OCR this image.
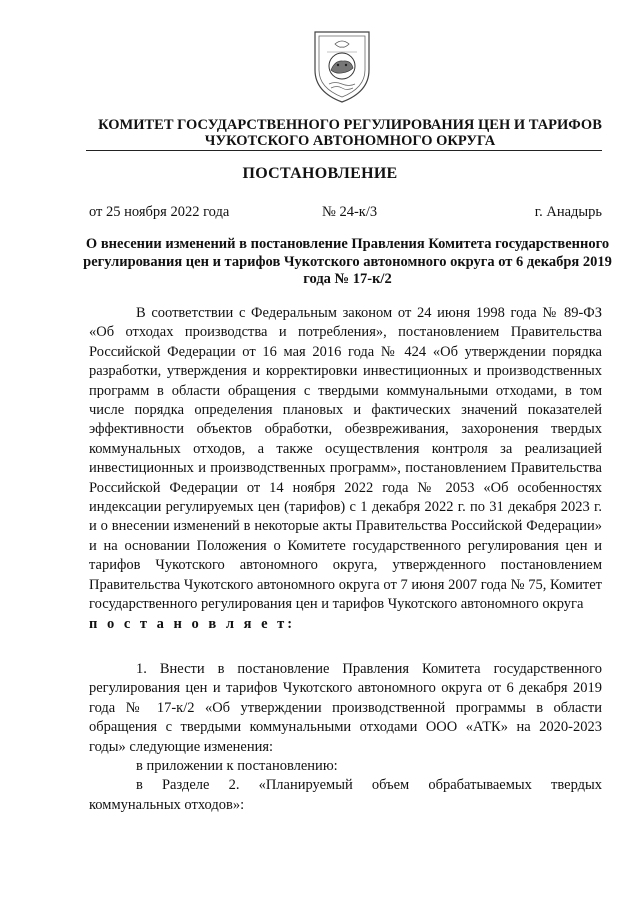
КОМИТЕТ ГОСУДАРСТВЕННОГО РЕГУЛИРОВАНИЯ ЦЕН И ТАРИФОВ
ЧУКОТСКОГО АВТОНОМНОГО ОКРУГА
ПОСТАНОВЛЕНИЕ
от 25 ноября 2022 года	№ 24-к/3	г. Анадырь
О внесении изменений в постановление Правления Комитета государственного регулирования цен и тарифов Чукотского автономного округа от 6 декабря 2019 года № 17-к/2

В соответствии с Федеральным законом от 24 июня 1998 года № 89-ФЗ «Об отходах производства и потребления», постановлением Правительства Российской Федерации от 16 мая 2016 года № 424 «Об утверждении порядка разработки, утверждения и корректировки инвестиционных и производственных программ в области обращения с твердыми коммунальными отходами, в том числе порядка определения плановых и фактических значений показателей эффективности объектов обработки, обезвреживания, захоронения твердых коммунальных отходов, а также осуществления контроля за реализацией инвестиционных и производственных программ», постановлением Правительства Российской Федерации от 14 ноября 2022 года № 2053 «Об особенностях индексации регулируемых цен (тарифов) с 1 декабря 2022 г. по 31 декабря 2023 г. и о внесении изменений в некоторые акты Правительства Российской Федерации» и на основании Положения о Комитете государственного регулирования цен и тарифов Чукотского автономного округа, утвержденного постановлением Правительства Чукотского автономного округа от 7 июня 2007 года № 75, Комитет государственного регулирования цен и тарифов Чукотского автономного округа

п о с т а н о в л я е т:

1. Внести в постановление Правления Комитета государственного регулирования цен и тарифов Чукотского автономного округа от 6 декабря 2019 года № 17-к/2 «Об утверждении производственной программы в области обращения с твердыми коммунальными отходами ООО «АТК» на 2020-2023 годы» следующие изменения:

в приложении к постановлению:

в Разделе 2. «Планируемый объем обрабатываемых твердых коммунальных отходов»:
